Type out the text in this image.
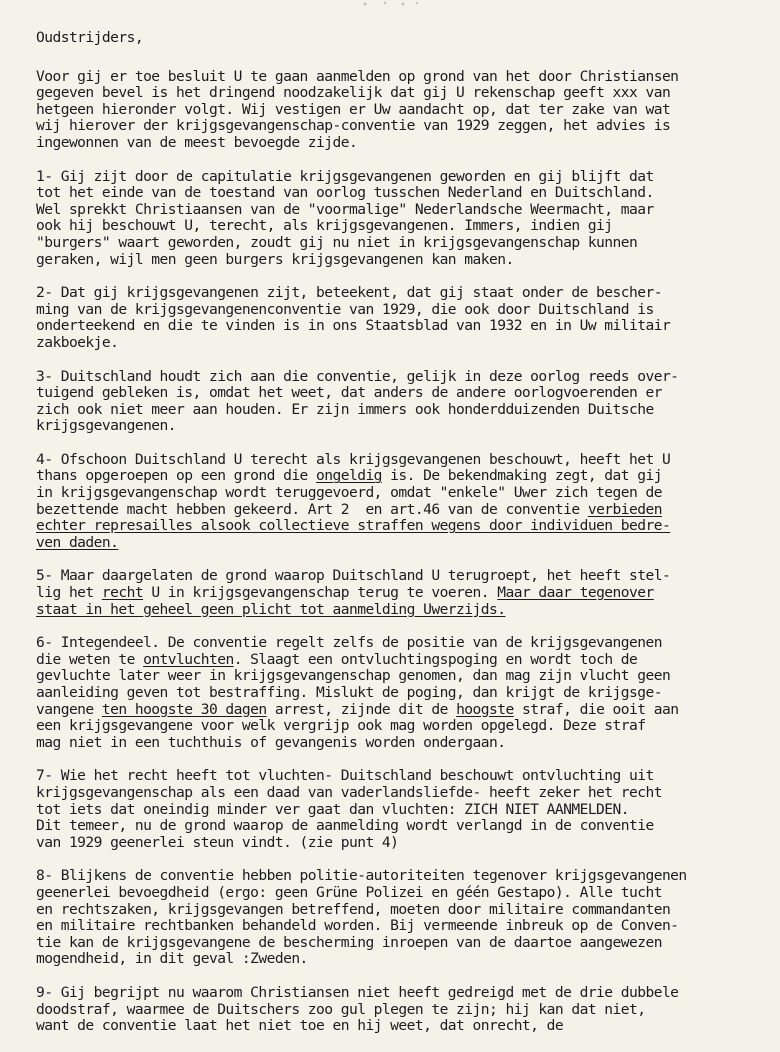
Oudstrijders,
Voor gij er toe besluit U te gaan aanmelden op grond van het door Christiansen
gegeven bevel is het dringend noodzakelijk dat gij U rekenschap geeft xxx van
hetgeen hieronder volgt. Wij vestigen er Uw aandacht op, dat ter zake van wat
wij hierover der krijgsgevangenschap-conventie van 1929 zeggen, het advies is
ingewonnen van de meest bevoegde zijde.
1- Gij zijt door de capitulatie krijgsgevangenen geworden en gij blijft dat
tot het einde van de toestand van oorlog tusschen Nederland en Duitschland.
Wel sprekkt Christiaansen van de "voormalige" Nederlandsche Weermacht, maar
ook hij beschouwt U, terecht, als krijgsgevangenen. Immers, indien gij
"burgers" waart geworden, zoudt gij nu niet in krijgsgevangenschap kunnen
geraken, wijl men geen burgers krijgsgevangenen kan maken.
2- Dat gij krijgsgevangenen zijt, beteekent, dat gij staat onder de bescher-
ming van de krijgsgevangenenconventie van 1929, die ook door Duitschland is
onderteekend en die te vinden is in ons Staatsblad van 1932 en in Uw militair
zakboekje.
3- Duitschland houdt zich aan die conventie, gelijk in deze oorlog reeds over-
tuigend gebleken is, omdat het weet, dat anders de andere oorlogvoerenden er
zich ook niet meer aan houden. Er zijn immers ook honderdduizenden Duitsche
krijgsgevangenen.
4- Ofschoon Duitschland U terecht als krijgsgevangenen beschouwt, heeft het U
thans opgeroepen op een grond die ongeldig is. De bekendmaking zegt, dat gij
in krijgsgevangenschap wordt teruggevoerd, omdat "enkele" Uwer zich tegen de
bezettende macht hebben gekeerd. Art 2  en art.46 van de conventie verbieden
echter represailles alsook collectieve straffen wegens door individuen bedre-
ven daden.
5- Maar daargelaten de grond waarop Duitschland U terugroept, het heeft stel-
lig het recht U in krijgsgevangenschap terug te voeren. Maar daar tegenover
staat in het geheel geen plicht tot aanmelding Uwerzijds.
6- Integendeel. De conventie regelt zelfs de positie van de krijgsgevangenen
die weten te ontvluchten. Slaagt een ontvluchtingspoging en wordt toch de
gevluchte later weer in krijgsgevangenschap genomen, dan mag zijn vlucht geen
aanleiding geven tot bestraffing. Mislukt de poging, dan krijgt de krijgsge-
vangene ten hoogste 30 dagen arrest, zijnde dit de hoogste straf, die ooit aan
een krijgsgevangene voor welk vergrijp ook mag worden opgelegd. Deze straf
mag niet in een tuchthuis of gevangenis worden ondergaan.
7- Wie het recht heeft tot vluchten- Duitschland beschouwt ontvluchting uit
krijgsgevangenschap als een daad van vaderlandsliefde- heeft zeker het recht
tot iets dat oneindig minder ver gaat dan vluchten: ZICH NIET AANMELDEN.
Dit temeer, nu de grond waarop de aanmelding wordt verlangd in de conventie
van 1929 geenerlei steun vindt. (zie punt 4)
8- Blijkens de conventie hebben politie-autoriteiten tegenover krijgsgevangenen
geenerlei bevoegdheid (ergo: geen Grüne Polizei en géén Gestapo). Alle tucht
en rechtszaken, krijgsgevangen betreffend, moeten door militaire commandanten
en militaire rechtbanken behandeld worden. Bij vermeende inbreuk op de Conven-
tie kan de krijgsgevangene de bescherming inroepen van de daartoe aangewezen
mogendheid, in dit geval :Zweden.
9- Gij begrijpt nu waarom Christiansen niet heeft gedreigd met de drie dubbele
doodstraf, waarmee de Duitschers zoo gul plegen te zijn; hij kan dat niet,
want de conventie laat het niet toe en hij weet, dat onrecht, de
